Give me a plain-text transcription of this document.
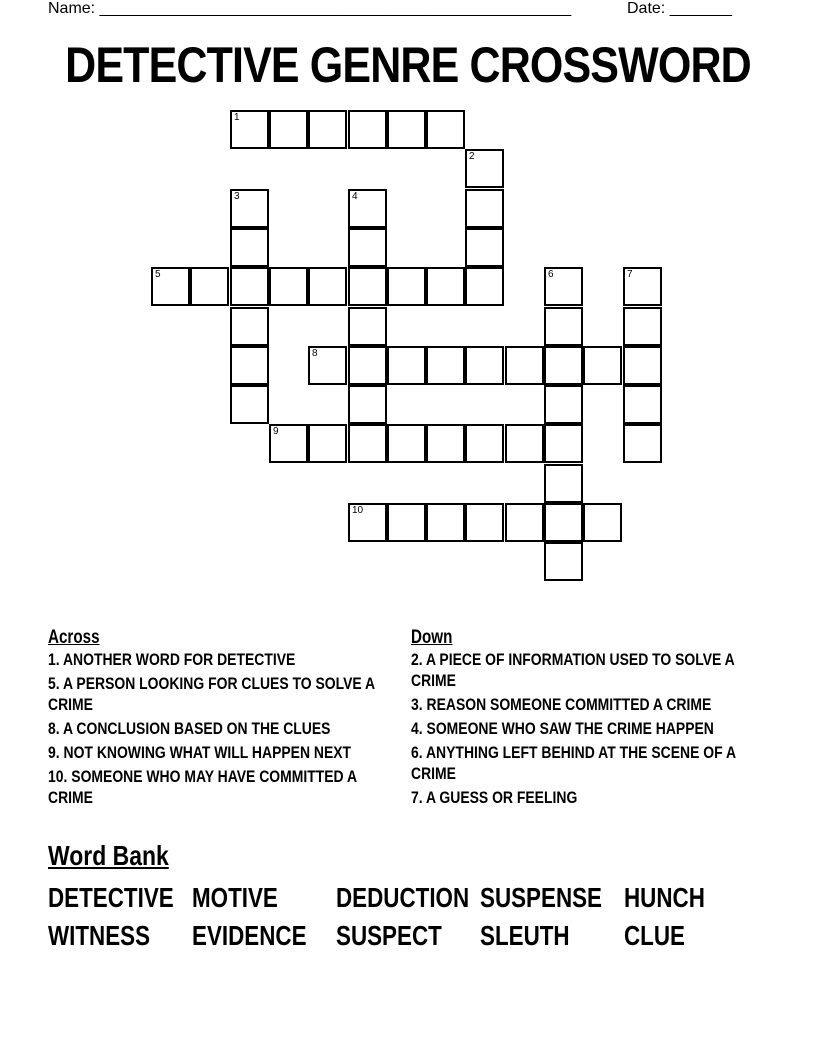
Name: _____________________________________________________	Date: _______
DETECTIVE GENRE CROSSWORD
1
2
3	4
5	6	7
8
9
10
Across
1. ANOTHER WORD FOR DETECTIVE
5. A PERSON LOOKING FOR CLUES TO SOLVE A CRIME
8. A CONCLUSION BASED ON THE CLUES
9. NOT KNOWING WHAT WILL HAPPEN NEXT
10. SOMEONE WHO MAY HAVE COMMITTED A CRIME
Down
2. A PIECE OF INFORMATION USED TO SOLVE A CRIME
3. REASON SOMEONE COMMITTED A CRIME
4. SOMEONE WHO SAW THE CRIME HAPPEN
6. ANYTHING LEFT BEHIND AT THE SCENE OF A CRIME
7. A GUESS OR FEELING
Word Bank
DETECTIVE MOTIVE DEDUCTION SUSPENSE HUNCH
WITNESS EVIDENCE SUSPECT SLEUTH CLUE
